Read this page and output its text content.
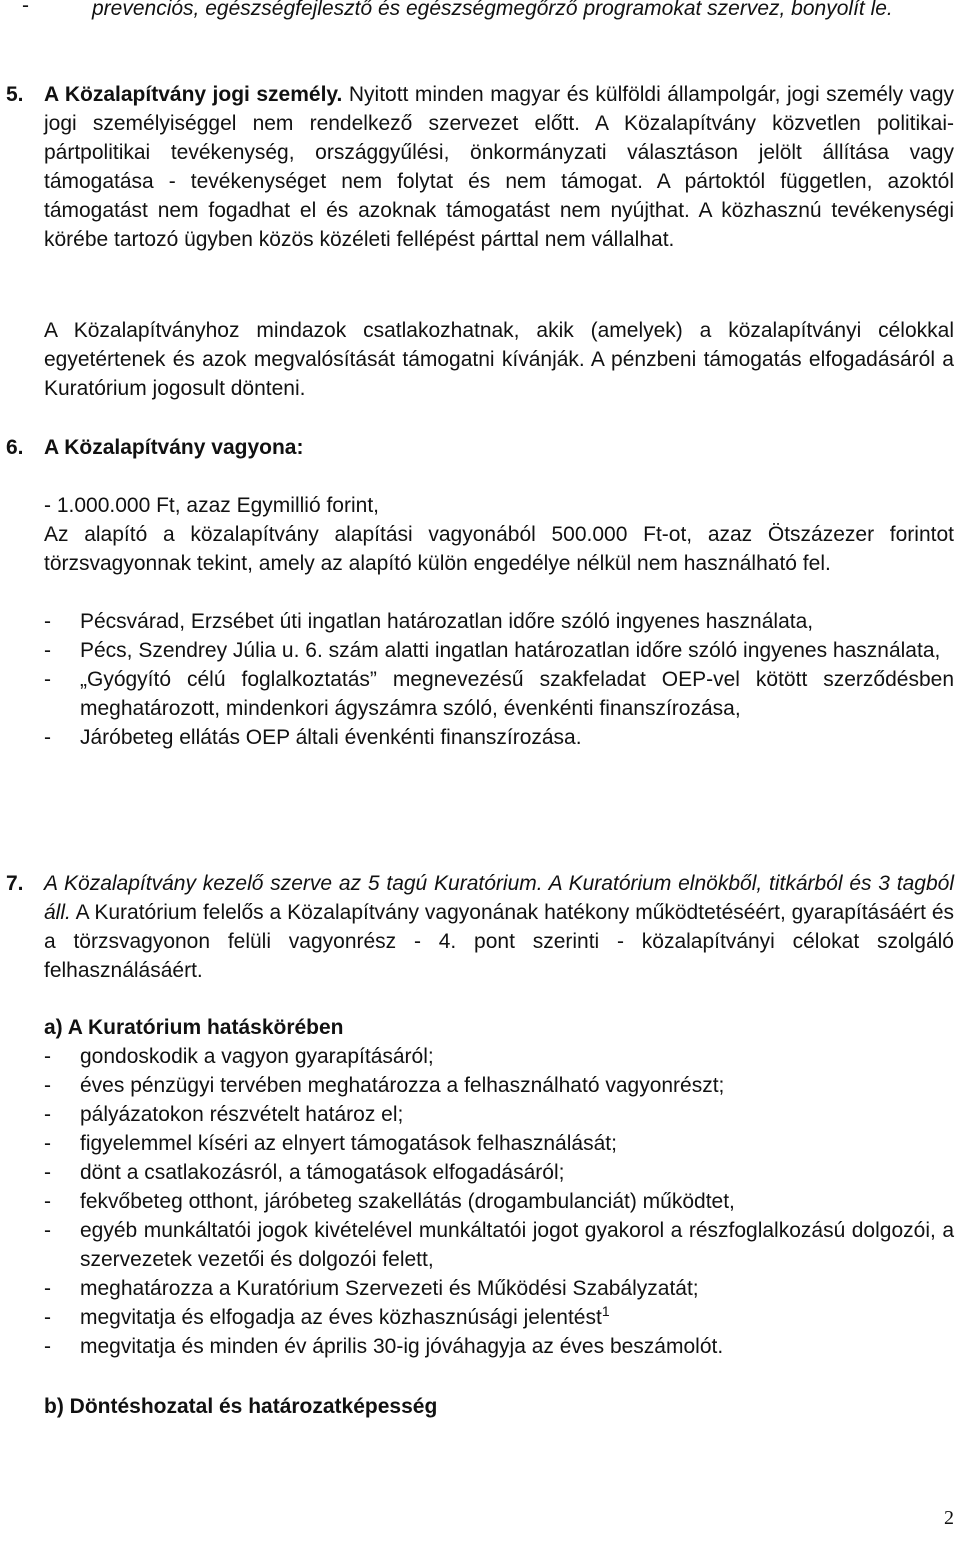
-	prevenciós, egészségfejlesztő és egészségmegőrző programokat szervez, bonyolít le.

5. A Közalapítvány jogi személy. Nyitott minden magyar és külföldi állampolgár, jogi személy vagy jogi személyiséggel nem rendelkező szervezet előtt. A Közalapítvány közvetlen politikai- pártpolitikai tevékenység, országgyűlési, önkormányzati választáson jelölt állítása vagy támogatása - tevékenységet nem folytat és nem támogat. A pártoktól független, azoktól támogatást nem fogadhat el és azoknak támogatást nem nyújthat. A közhasznú tevékenységi körébe tartozó ügyben közös közéleti fellépést párttal nem vállalhat.

A Közalapítványhoz mindazok csatlakozhatnak, akik (amelyek) a közalapítványi célokkal egyetértenek és azok megvalósítását támogatni kívánják. A pénzbeni támogatás elfogadásáról a Kuratórium jogosult dönteni.

6. A Közalapítvány vagyona:

- 1.000.000 Ft, azaz Egymillió forint,

Az alapító a közalapítvány alapítási vagyonából 500.000 Ft-ot, azaz Ötszázezer forintot törzsvagyonnak tekint, amely az alapító külön engedélye nélkül nem használható fel.

-	Pécsvárad, Erzsébet úti ingatlan határozatlan időre szóló ingyenes használata,
-	Pécs, Szendrey Júlia u. 6. szám alatti ingatlan határozatlan időre szóló ingyenes használata,
-	„Gyógyító célú foglalkoztatás” megnevezésű szakfeladat OEP-vel kötött szerződésben meghatározott, mindenkori ágyszámra szóló, évenkénti finanszírozása,
-	Járóbeteg ellátás OEP általi évenkénti finanszírozása.
7. A Közalapítvány kezelő szerve az 5 tagú Kuratórium. A Kuratórium elnökből, titkárból és 3 tagból áll. A Kuratórium felelős a Közalapítvány vagyonának hatékony működtetéséért, gyarapításáért és a törzsvagyonon felüli vagyonrész - 4. pont szerinti - közalapítványi célokat szolgáló felhasználásáért.

a) A Kuratórium hatáskörében

-	gondoskodik a vagyon gyarapításáról;
-	éves pénzügyi tervében meghatározza a felhasználható vagyonrészt;
-	pályázatokon részvételt határoz el;
-	figyelemmel kíséri az elnyert támogatások felhasználását;
-	dönt a csatlakozásról, a támogatások elfogadásáról;
-	fekvőbeteg otthont, járóbeteg szakellátás (drogambulanciát) működtet,
-	egyéb munkáltatói jogok kivételével munkáltatói jogot gyakorol a részfoglalkozású dolgozói, a szervezetek vezetői és dolgozói felett,
-	meghatározza a Kuratórium Szervezeti és Működési Szabályzatát;
-	megvitatja és elfogadja az éves közhasznúsági jelentést$^1$
-	megvitatja és minden év április 30-ig jóváhagyja az éves beszámolót.

b) Döntéshozatal és határozatképesség

2
